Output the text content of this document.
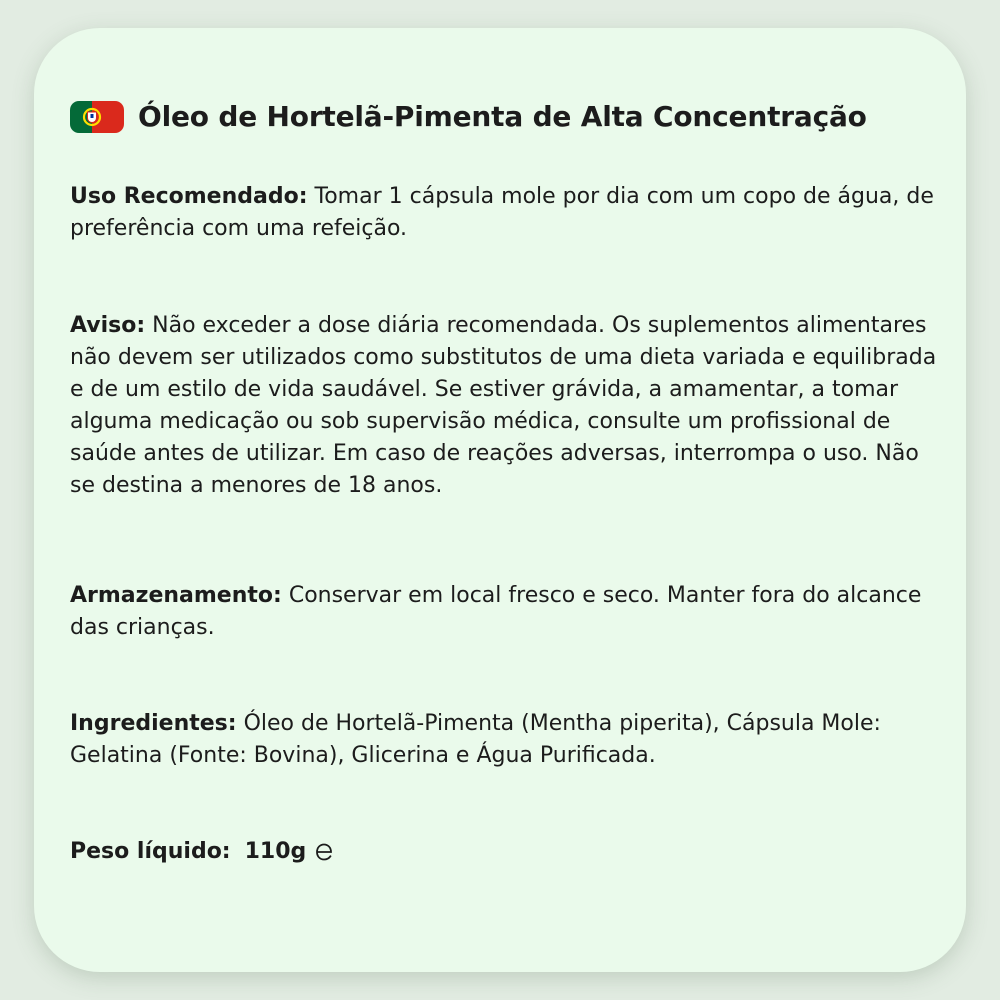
Óleo de Hortelã-Pimenta de Alta Concentração

Uso Recomendado: Tomar 1 cápsula mole por dia com um copo de água, de preferência com uma refeição.

Aviso: Não exceder a dose diária recomendada. Os suplementos alimentares não devem ser utilizados como substitutos de uma dieta variada e equilibrada e de um estilo de vida saudável. Se estiver grávida, a amamentar, a tomar alguma medicação ou sob supervisão médica, consulte um profissional de saúde antes de utilizar. Em caso de reações adversas, interrompa o uso. Não se destina a menores de 18 anos.

Armazenamento: Conservar em local fresco e seco. Manter fora do alcance das crianças.

Ingredientes: Óleo de Hortelã-Pimenta (Mentha piperita), Cápsula Mole: Gelatina (Fonte: Bovina), Glicerina e Água Purificada.

Peso líquido: 110g
